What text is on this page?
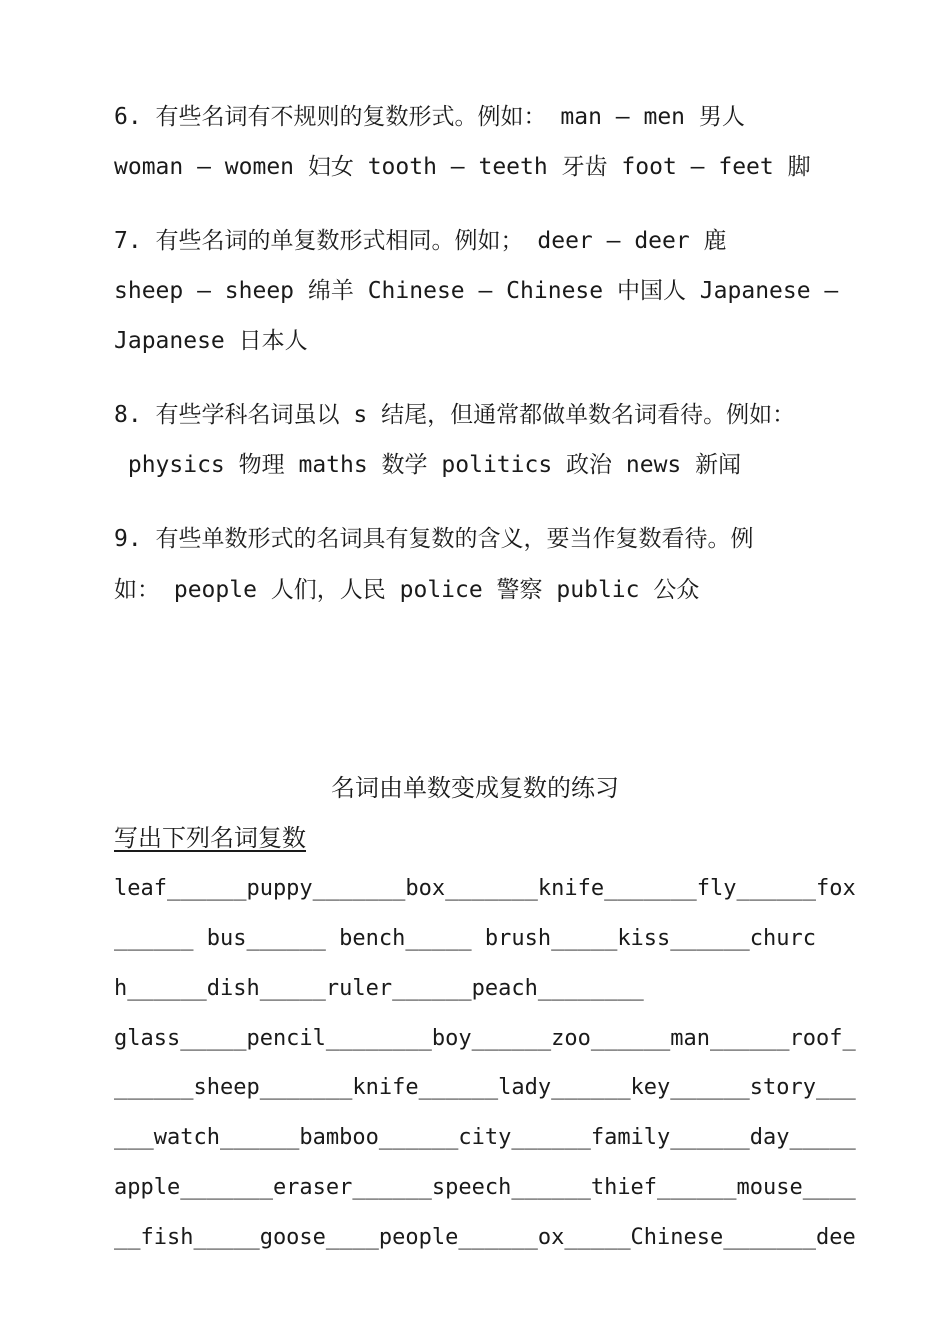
6. 有些名词有不规则的复数形式。例如： man — men 男人
woman — women 妇女 tooth — teeth 牙齿 foot — feet 脚
7. 有些名词的单复数形式相同。例如； deer — deer 鹿
sheep — sheep 绵羊 Chinese — Chinese 中国人 Japanese —
Japanese 日本人
8. 有些学科名词虽以 s 结尾，但通常都做单数名词看待。例如：
physics 物理 maths 数学 politics 政治 news 新闻
9. 有些单数形式的名词具有复数的含义，要当作复数看待。例
如： people 人们，人民 police 警察 public 公众
名词由单数变成复数的练习
写出下列名词复数
leaf______puppy_______box_______knife_______fly______fox
______ bus______ bench_____ brush_____kiss______churc
h______dish_____ruler______peach________
glass_____pencil________boy______zoo______man______roof_
______sheep_______knife______lady______key______story___
___watch______bamboo______city______family______day_____
apple_______eraser______speech______thief______mouse____
__fish_____goose____people______ox_____Chinese_______dee
